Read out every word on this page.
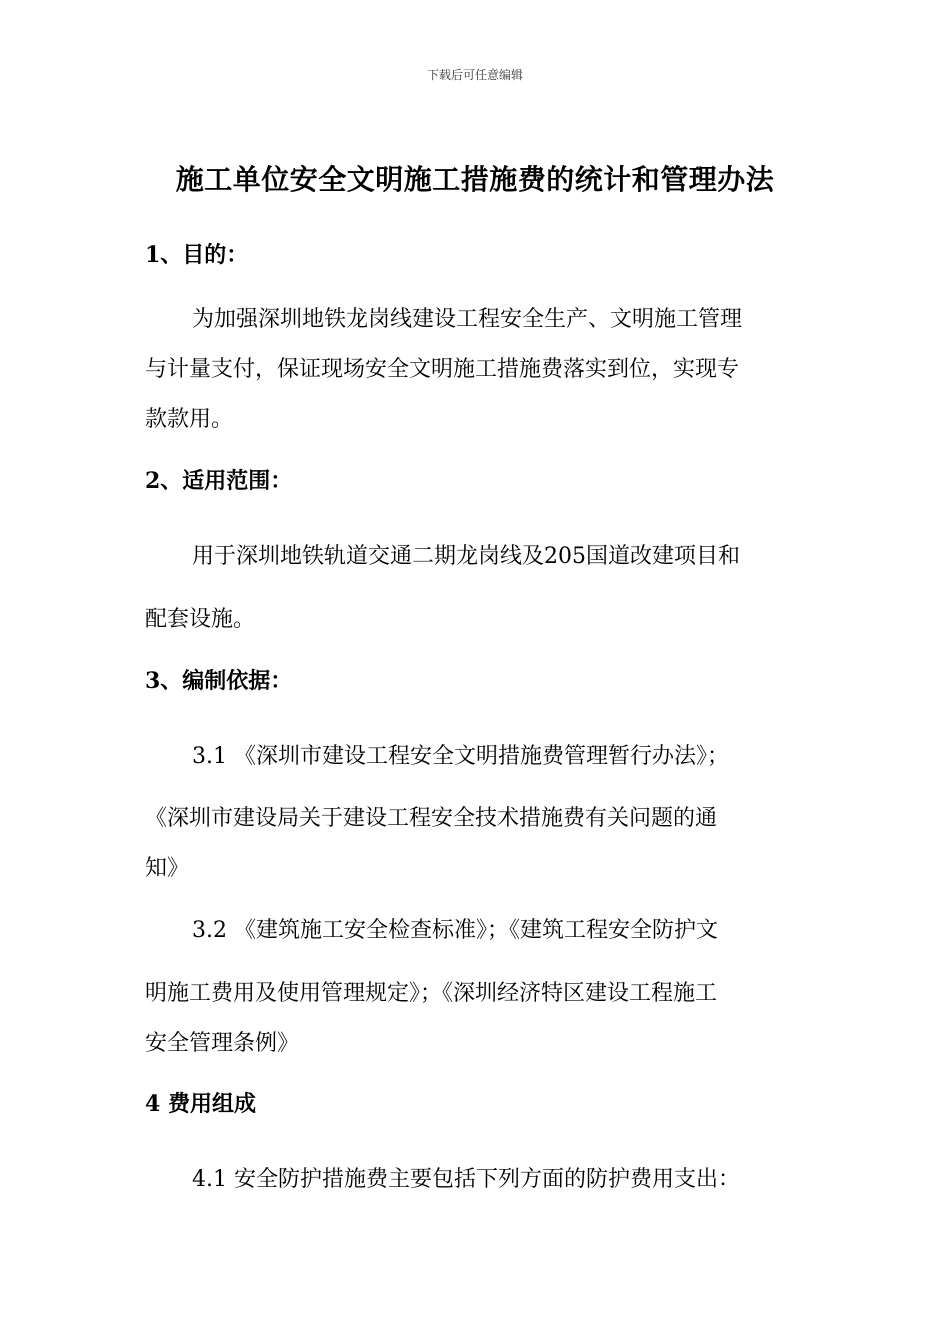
下载后可任意编辑
施工单位安全文明施工措施费的统计和管理办法
1、目的：
为加强深圳地铁龙岗线建设工程安全生产、文明施工管理
与计量支付，保证现场安全文明施工措施费落实到位，实现专
款款用。
2、适用范围：
用于深圳地铁轨道交通二期龙岗线及205国道改建项目和
配套设施。
3、编制依据：
3.1 《深圳市建设工程安全文明措施费管理暂行办法》；
《深圳市建设局关于建设工程安全技术措施费有关问题的通
知》
3.2 《建筑施工安全检查标准》；《建筑工程安全防护文
明施工费用及使用管理规定》；《深圳经济特区建设工程施工
安全管理条例》
4 费用组成
4.1 安全防护措施费主要包括下列方面的防护费用支出：
